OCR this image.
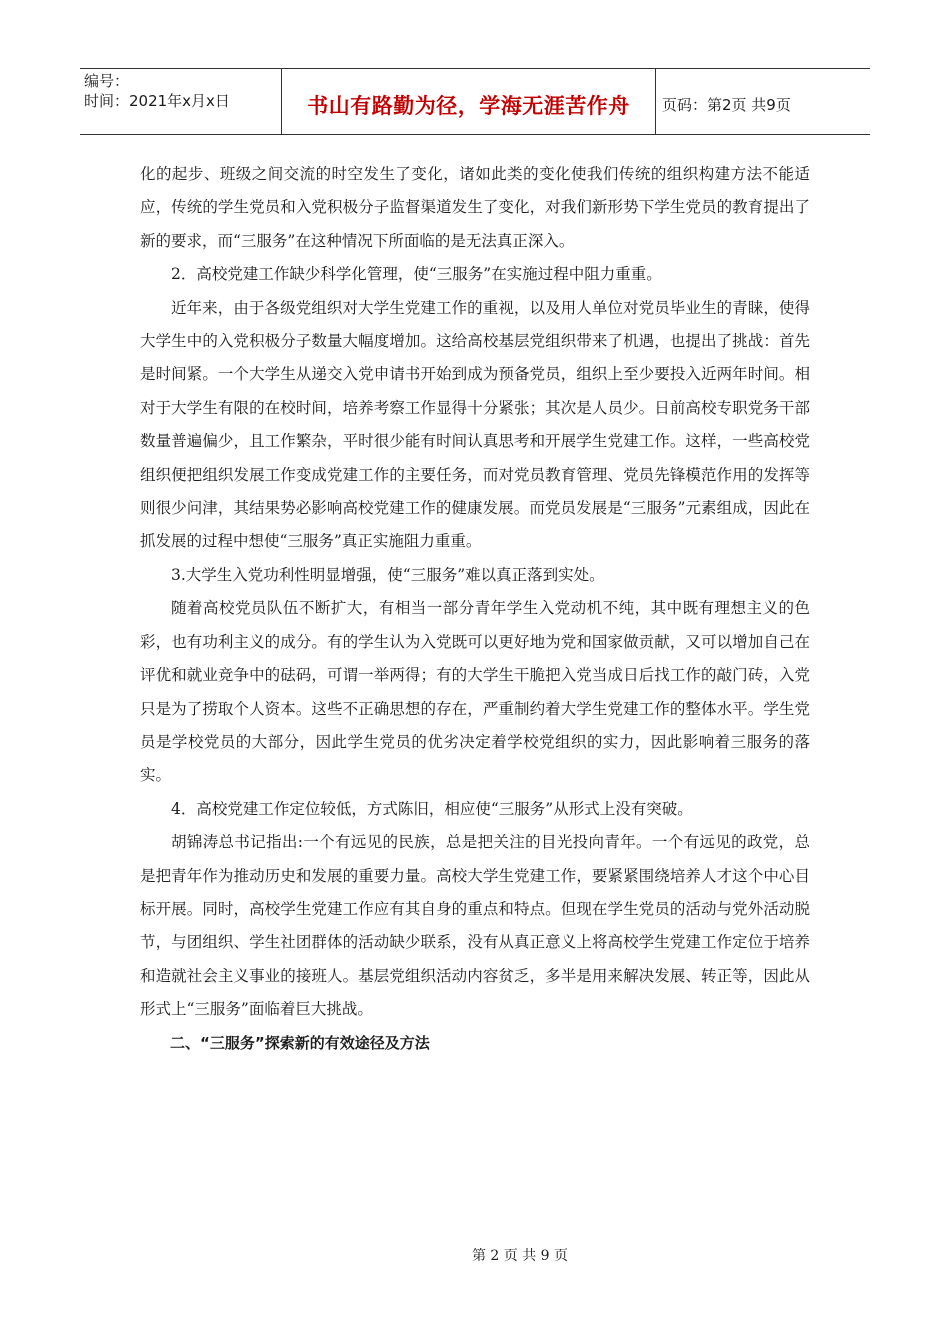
编号：
时间：2021年x月x日	书山有路勤为径，学海无涯苦作舟 页码：第2页 共9页

化的起步、班级之间交流的时空发生了变化，诸如此类的变化使我们传统的组织构建方法不能适应，传统的学生党员和入党积极分子监督渠道发生了变化，对我们新形势下学生党员的教育提出了新的要求，而“三服务”在这种情况下所面临的是无法真正深入。

2．高校党建工作缺少科学化管理，使“三服务”在实施过程中阻力重重。

近年来，由于各级党组织对大学生党建工作的重视，以及用人单位对党员毕业生的青睐，使得大学生中的入党积极分子数量大幅度增加。这给高校基层党组织带来了机遇，也提出了挑战：首先是时间紧。一个大学生从递交入党申请书开始到成为预备党员，组织上至少要投入近两年时间。相对于大学生有限的在校时间，培养考察工作显得十分紧张；其次是人员少。日前高校专职党务干部数量普遍偏少，且工作繁杂，平时很少能有时间认真思考和开展学生党建工作。这样，一些高校党组织便把组织发展工作变成党建工作的主要任务，而对党员教育管理、党员先锋模范作用的发挥等则很少问津，其结果势必影响高校党建工作的健康发展。而党员发展是“三服务”元素组成，因此在抓发展的过程中想使“三服务”真正实施阻力重重。

3.大学生入党功利性明显增强，使“三服务”难以真正落到实处。

随着高校党员队伍不断扩大，有相当一部分青年学生入党动机不纯，其中既有理想主义的色彩，也有功利主义的成分。有的学生认为入党既可以更好地为党和国家做贡献，又可以增加自己在评优和就业竞争中的砝码，可谓一举两得；有的大学生干脆把入党当成日后找工作的敲门砖，入党只是为了捞取个人资本。这些不正确思想的存在，严重制约着大学生党建工作的整体水平。学生党员是学校党员的大部分，因此学生党员的优劣决定着学校党组织的实力，因此影响着三服务的落实。

4．高校党建工作定位较低，方式陈旧，相应使“三服务”从形式上没有突破。

胡锦涛总书记指出:一个有远见的民族，总是把关注的目光投向青年。一个有远见的政党，总是把青年作为推动历史和发展的重要力量。高校大学生党建工作，要紧紧围绕培养人才这个中心目标开展。同时，高校学生党建工作应有其自身的重点和特点。但现在学生党员的活动与党外活动脱节，与团组织、学生社团群体的活动缺少联系，没有从真正意义上将高校学生党建工作定位于培养和造就社会主义事业的接班人。基层党组织活动内容贫乏，多半是用来解决发展、转正等，因此从形式上“三服务”面临着巨大挑战。

二、“三服务”探索新的有效途径及方法

第 2 页 共 9 页
